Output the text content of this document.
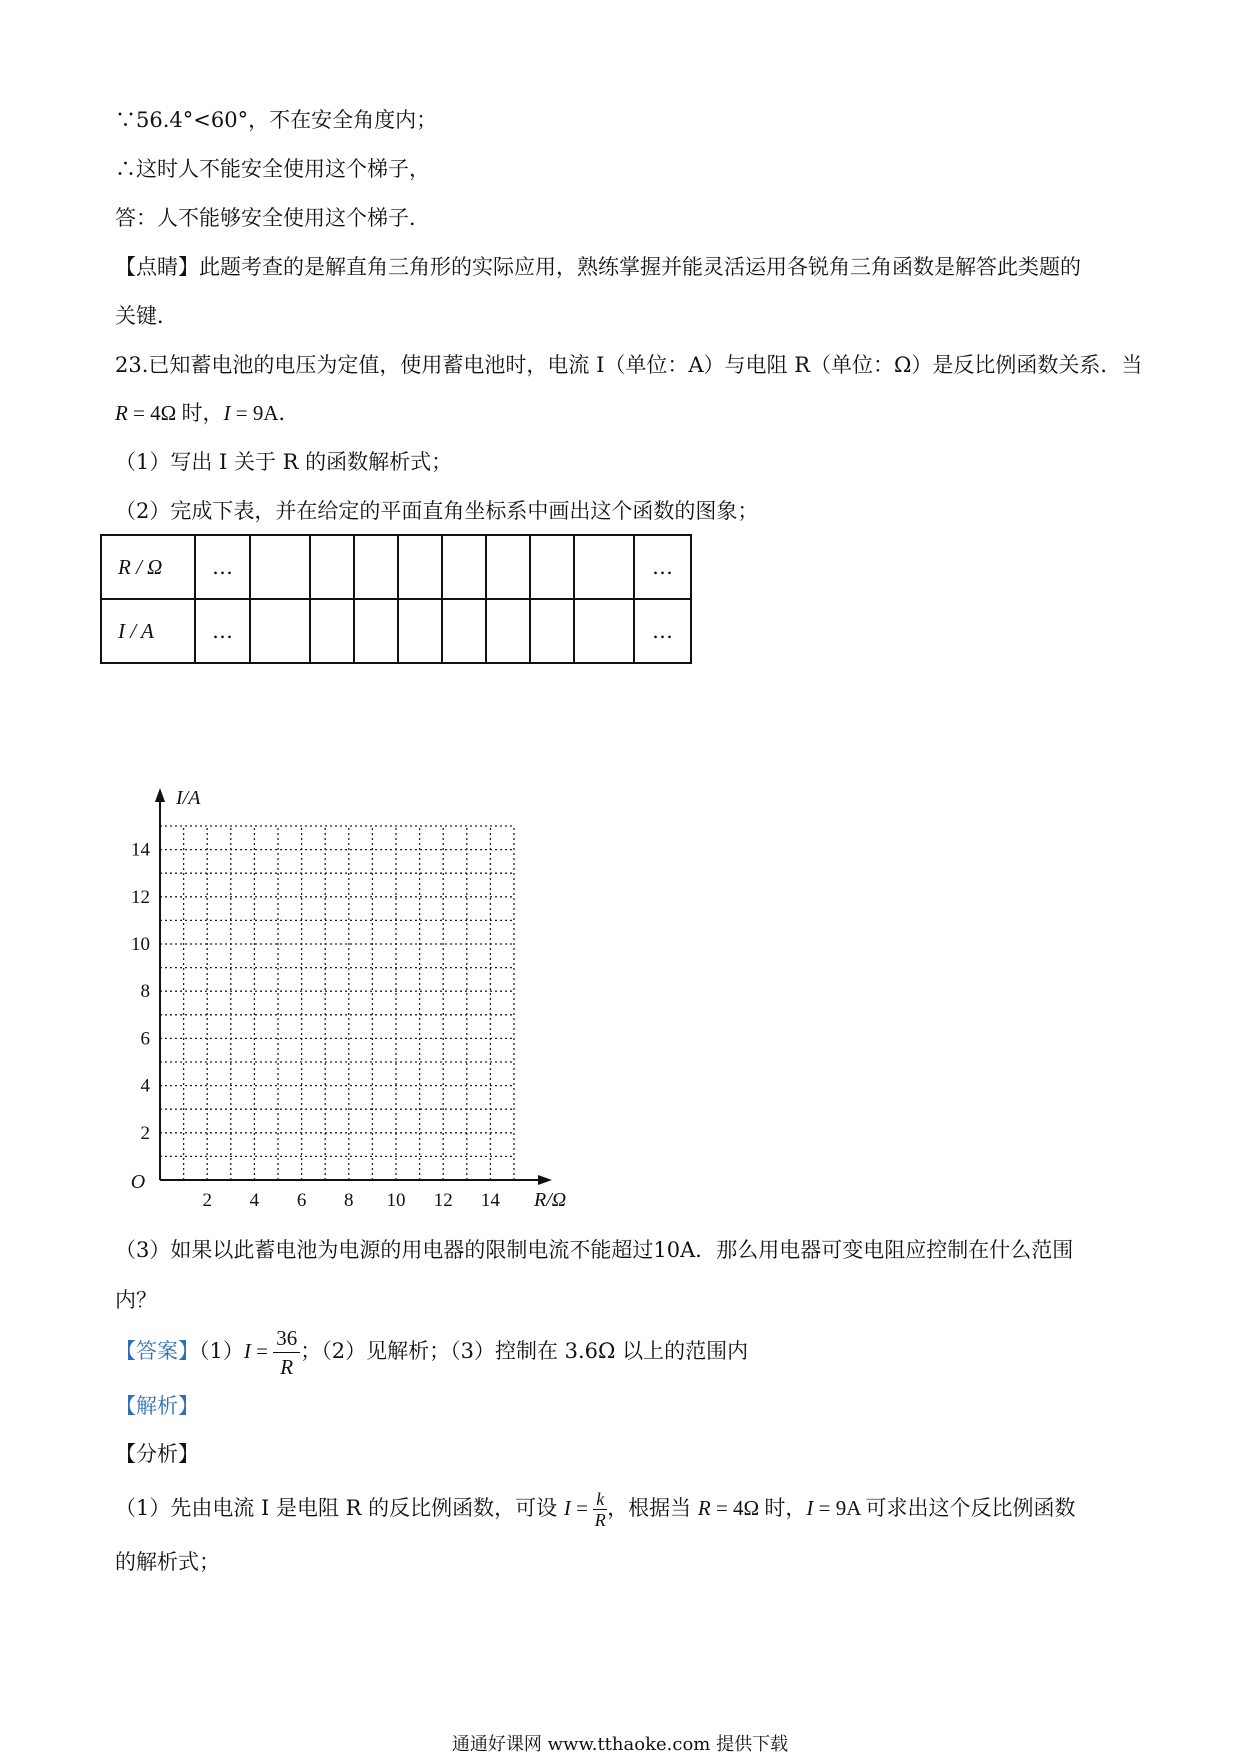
∵56.4°<60°，不在安全角度内；
∴这时人不能安全使用这个梯子，
答：人不能够安全使用这个梯子．
【点睛】此题考查的是解直角三角形的实际应用，熟练掌握并能灵活运用各锐角三角函数是解答此类题的
关键．
23.已知蓄电池的电压为定值，使用蓄电池时，电流 I（单位：A）与电阻 R（单位：Ω）是反比例函数关系．当
R = 4Ω 时，I = 9A．
（1）写出 I 关于 R 的函数解析式；
（2）完成下表，并在给定的平面直角坐标系中画出这个函数的图象；
R / Ω	…									…
I / A	…									…
2 4 6 8 10 12 14
2
4
6
8
10
12
14
O
I/A
R/Ω
（3）如果以此蓄电池为电源的用电器的限制电流不能超过10A．那么用电器可变电阻应控制在什么范围
内？
【答案】$(1)I = \frac{36}{R}$ ；（2）见解析；（3）控制在 3.6Ω 以上的范围内
【解析】
【分析】
（1）先由电流 I 是电阻 R 的反比例函数，可设 $I = \frac{k}{R}$ ，根据当 R = 4Ω 时，I = 9A 可求出这个反比例函数
的解析式；
通通好课网 www.tthaoke.com 提供下载
